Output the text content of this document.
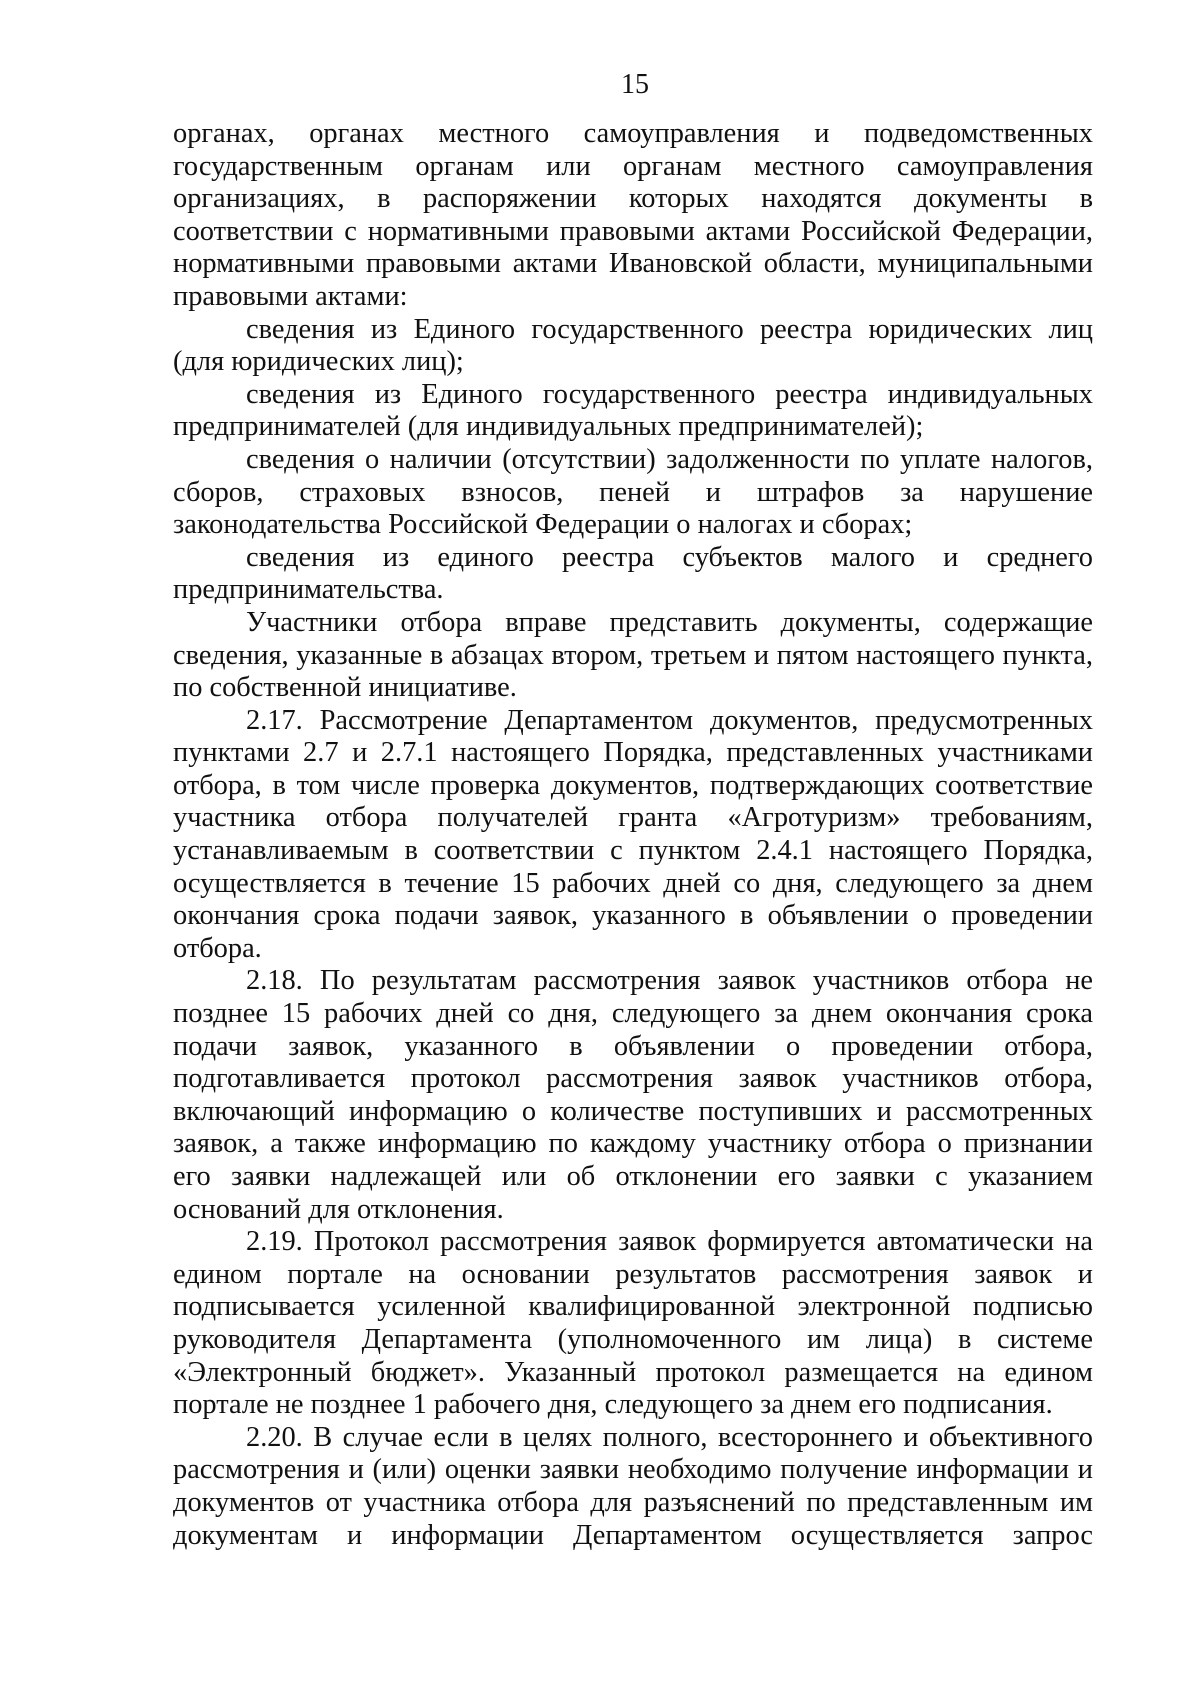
15

органах, органах местного самоуправления и подведомственных государственным органам или органам местного самоуправления организациях, в распоряжении которых находятся документы в соответствии с нормативными правовыми актами Российской Федерации, нормативными правовыми актами Ивановской области, муниципальными правовыми актами:

сведения из Единого государственного реестра юридических лиц (для юридических лиц);

сведения из Единого государственного реестра индивидуальных предпринимателей (для индивидуальных предпринимателей);

сведения о наличии (отсутствии) задолженности по уплате налогов, сборов, страховых взносов, пеней и штрафов за нарушение законодательства Российской Федерации о налогах и сборах;

сведения из единого реестра субъектов малого и среднего предпринимательства.

Участники отбора вправе представить документы, содержащие сведения, указанные в абзацах втором, третьем и пятом настоящего пункта, по собственной инициативе.

2.17. Рассмотрение Департаментом документов, предусмотренных пунктами 2.7 и 2.7.1 настоящего Порядка, представленных участниками отбора, в том числе проверка документов, подтверждающих соответствие участника отбора получателей гранта «Агротуризм» требованиям, устанавливаемым в соответствии с пунктом 2.4.1 настоящего Порядка, осуществляется в течение 15 рабочих дней со дня, следующего за днем окончания срока подачи заявок, указанного в объявлении о проведении отбора.

2.18. По результатам рассмотрения заявок участников отбора не позднее 15 рабочих дней со дня, следующего за днем окончания срока подачи заявок, указанного в объявлении о проведении отбора, подготавливается протокол рассмотрения заявок участников отбора, включающий информацию о количестве поступивших и рассмотренных заявок, а также информацию по каждому участнику отбора о признании его заявки надлежащей или об отклонении его заявки с указанием оснований для отклонения.

2.19. Протокол рассмотрения заявок формируется автоматически на едином портале на основании результатов рассмотрения заявок и подписывается усиленной квалифицированной электронной подписью руководителя Департамента (уполномоченного им лица) в системе «Электронный бюджет». Указанный протокол размещается на едином портале не позднее 1 рабочего дня, следующего за днем его подписания.

2.20. В случае если в целях полного, всестороннего и объективного рассмотрения и (или) оценки заявки необходимо получение информации и документов от участника отбора для разъяснений по представленным им документам и информации Департаментом осуществляется запрос
